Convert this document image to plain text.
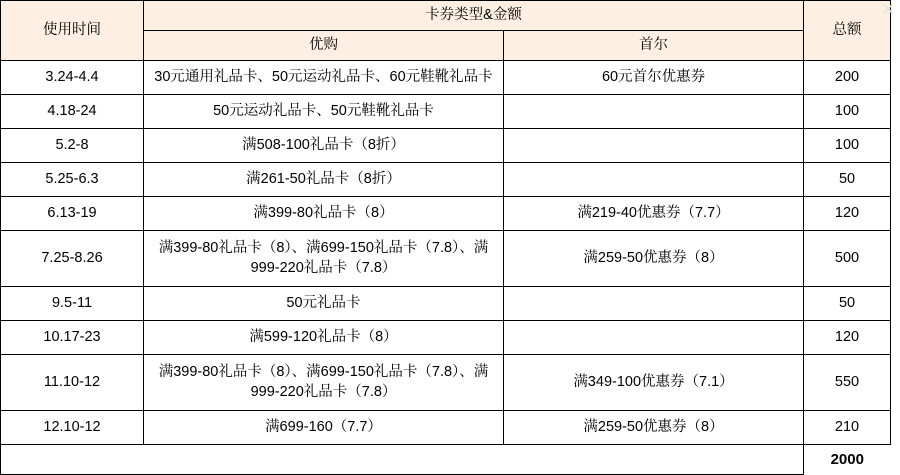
使用时间	卡券类型&金额		总额
	优购	首尔	
3.24-4.4	30元通用礼品卡、50元运动礼品卡、60元鞋靴礼品卡	60元首尔优惠券	200
4.18-24	50元运动礼品卡、50元鞋靴礼品卡		100
5.2-8	满508-100礼品卡（8折）		100
5.25-6.3	满261-50礼品卡（8折）		50
6.13-19	满399-80礼品卡（8）	满219-40优惠券（7.7）	120
7.25-8.26	满399-80礼品卡（8）、满699-150礼品卡（7.8）、满999-220礼品卡（7.8）	满259-50优惠券（8）	500
9.5-11	50元礼品卡		50
10.17-23	满599-120礼品卡（8）		120
11.10-12	满399-80礼品卡（8）、满699-150礼品卡（7.8）、满999-220礼品卡（7.8）	满349-100优惠券（7.1）	550
12.10-12	满699-160（7.7）	满259-50优惠券（8）	210
			2000
✕
